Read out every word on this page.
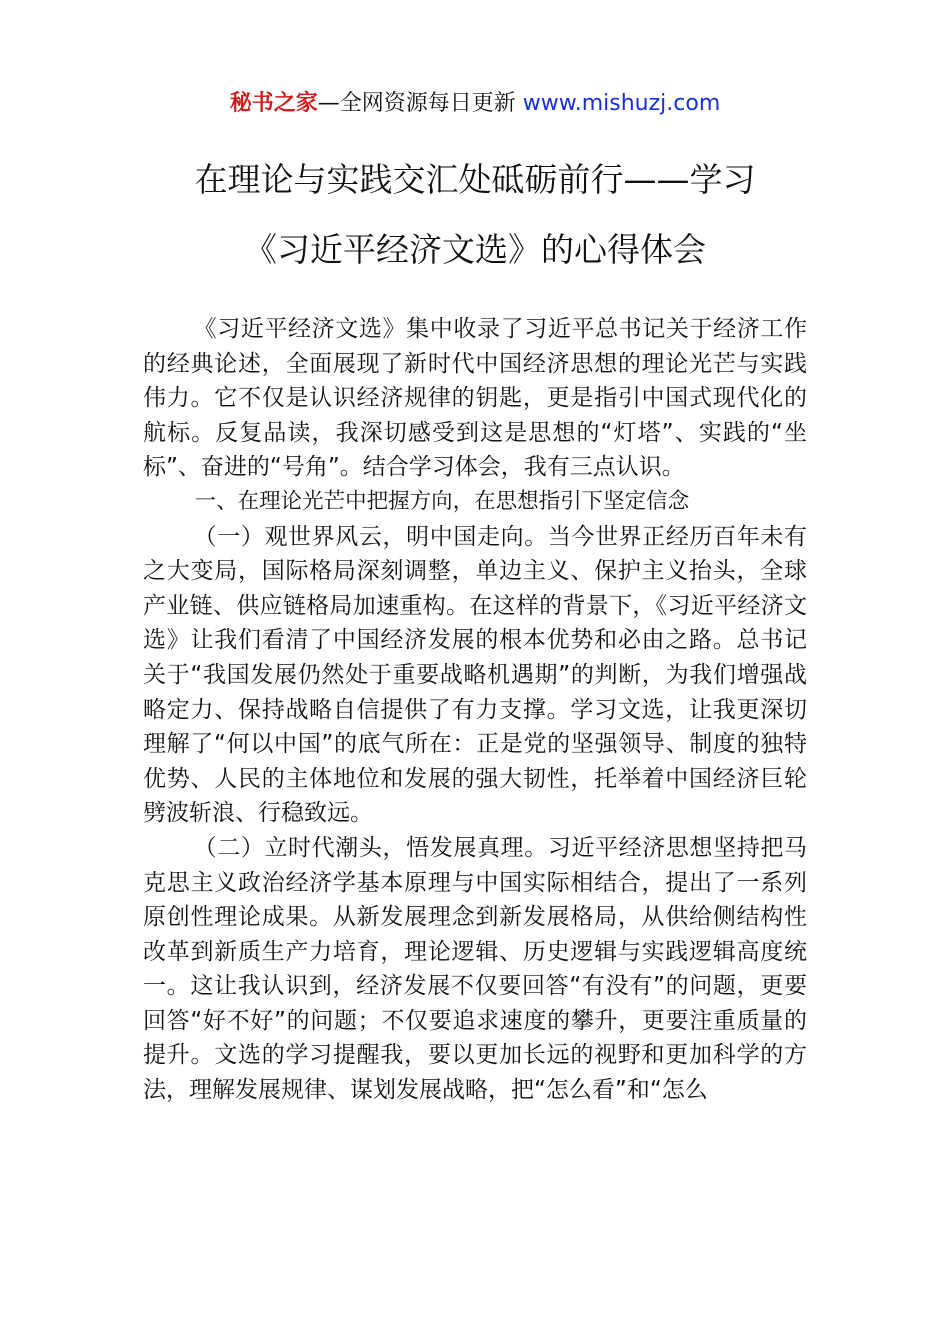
秘书之家—全网资源每日更新 www.mishuzj.com
在理论与实践交汇处砥砺前行——学习
《习近平经济文选》的心得体会

《习近平经济文选》集中收录了习近平总书记关于经济工作的经典论述，全面展现了新时代中国经济思想的理论光芒与实践伟力。它不仅是认识经济规律的钥匙，更是指引中国式现代化的航标。反复品读，我深切感受到这是思想的“灯塔”、实践的“坐标”、奋进的“号角”。结合学习体会，我有三点认识。

一、在理论光芒中把握方向，在思想指引下坚定信念

（一）观世界风云，明中国走向。当今世界正经历百年未有之大变局，国际格局深刻调整，单边主义、保护主义抬头，全球产业链、供应链格局加速重构。在这样的背景下，《习近平经济文选》让我们看清了中国经济发展的根本优势和必由之路。总书记关于“我国发展仍然处于重要战略机遇期”的判断，为我们增强战略定力、保持战略自信提供了有力支撑。学习文选，让我更深切理解了“何以中国”的底气所在：正是党的坚强领导、制度的独特优势、人民的主体地位和发展的强大韧性，托举着中国经济巨轮劈波斩浪、行稳致远。

（二）立时代潮头，悟发展真理。习近平经济思想坚持把马克思主义政治经济学基本原理与中国实际相结合，提出了一系列原创性理论成果。从新发展理念到新发展格局，从供给侧结构性改革到新质生产力培育，理论逻辑、历史逻辑与实践逻辑高度统一。这让我认识到，经济发展不仅要回答“有没有”的问题，更要回答“好不好”的问题；不仅要追求速度的攀升，更要注重质量的提升。文选的学习提醒我，要以更加长远的视野和更加科学的方法，理解发展规律、谋划发展战略，把“怎么看”和“怎么
